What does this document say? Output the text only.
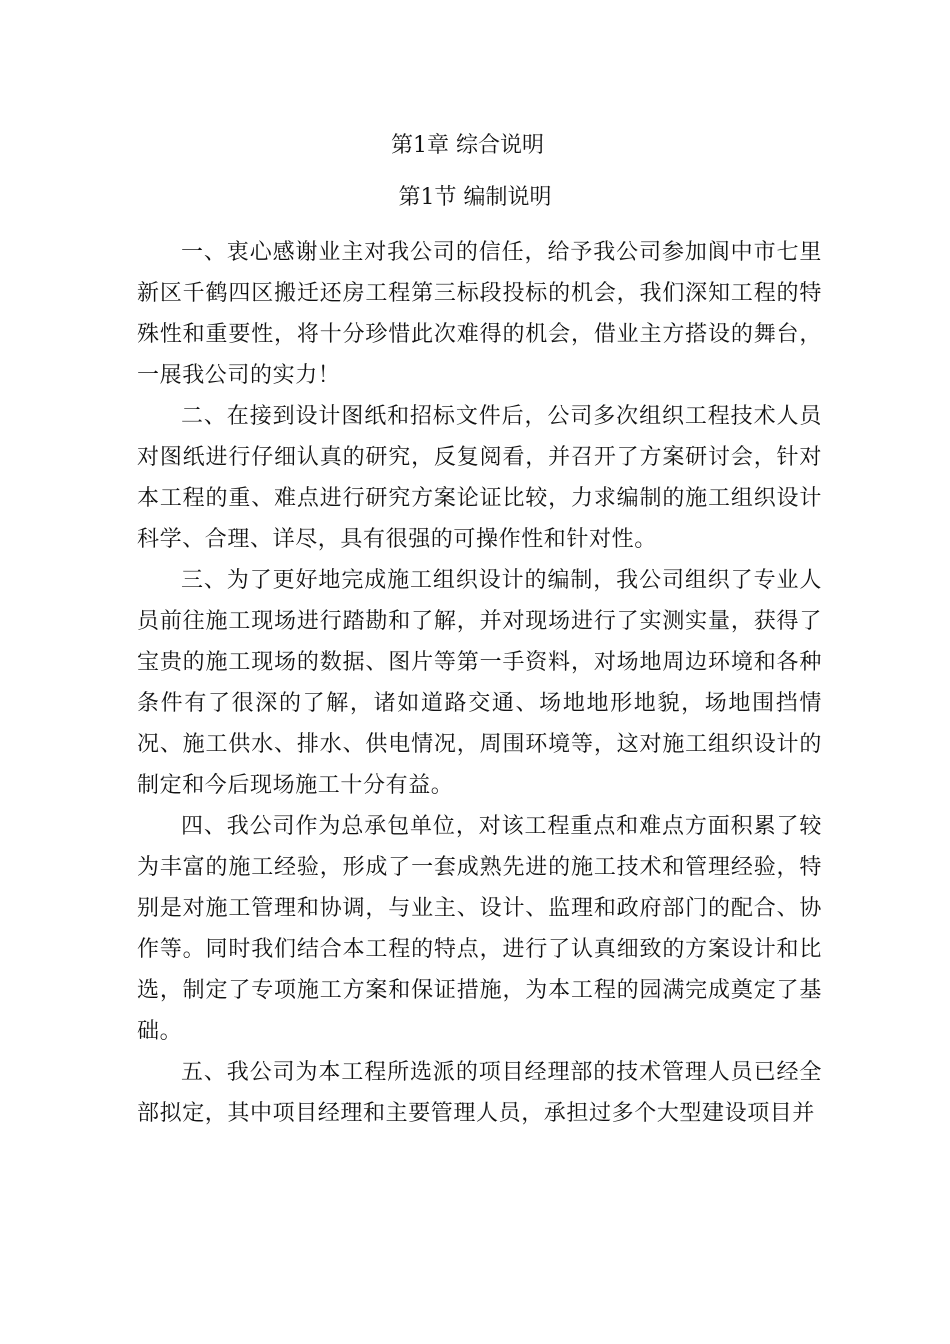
第1章 综合说明
第1节 编制说明

一、衷心感谢业主对我公司的信任，给予我公司参加阆中市七里新区千鹤四区搬迁还房工程第三标段投标的机会，我们深知工程的特殊性和重要性，将十分珍惜此次难得的机会，借业主方搭设的舞台，一展我公司的实力！

二、在接到设计图纸和招标文件后，公司多次组织工程技术人员对图纸进行仔细认真的研究，反复阅看，并召开了方案研讨会，针对本工程的重、难点进行研究方案论证比较，力求编制的施工组织设计科学、合理、详尽，具有很强的可操作性和针对性。

三、为了更好地完成施工组织设计的编制，我公司组织了专业人员前往施工现场进行踏勘和了解，并对现场进行了实测实量，获得了宝贵的施工现场的数据、图片等第一手资料，对场地周边环境和各种条件有了很深的了解，诸如道路交通、场地地形地貌，场地围挡情况、施工供水、排水、供电情况，周围环境等，这对施工组织设计的制定和今后现场施工十分有益。

四、我公司作为总承包单位，对该工程重点和难点方面积累了较为丰富的施工经验，形成了一套成熟先进的施工技术和管理经验，特别是对施工管理和协调，与业主、设计、监理和政府部门的配合、协作等。同时我们结合本工程的特点，进行了认真细致的方案设计和比选，制定了专项施工方案和保证措施，为本工程的园满完成奠定了基础。

五、我公司为本工程所选派的项目经理部的技术管理人员已经全部拟定，其中项目经理和主要管理人员，承担过多个大型建设项目并
